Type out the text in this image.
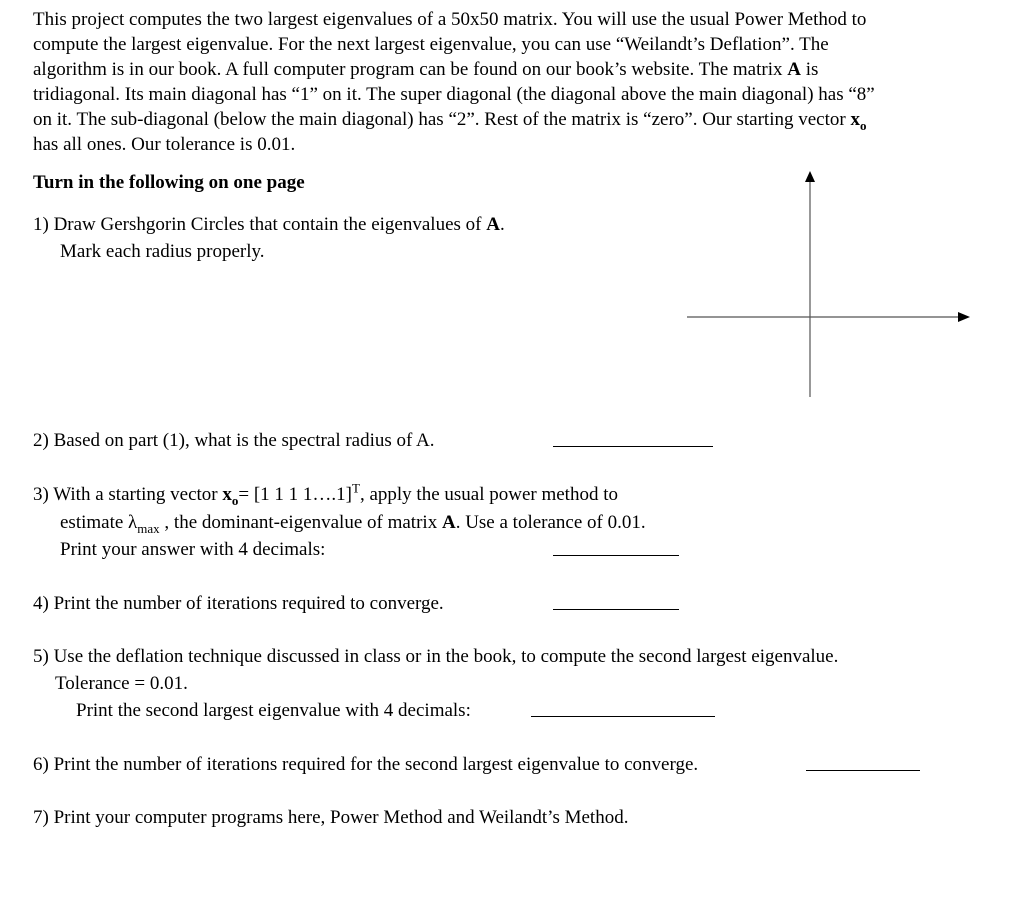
This project computes the two largest eigenvalues of a 50x50 matrix. You will use the usual Power Method to
compute the largest eigenvalue. For the next largest eigenvalue, you can use “Weilandt’s Deflation”. The
algorithm is in our book. A full computer program can be found on our book’s website. The matrix A is
tridiagonal. Its main diagonal has “1” on it. The super diagonal (the diagonal above the main diagonal) has “8”
on it. The sub-diagonal (below the main diagonal) has “2”. Rest of the matrix is “zero”. Our starting vector $x_o$
has all ones. Our tolerance is 0.01.
Turn in the following on one page
1) Draw Gershgorin Circles that contain the eigenvalues of A.
Mark each radius properly.
2) Based on part (1), what is the spectral radius of A.
3) With a starting vector $x_o= [1$ 1 1 1….1]$^T$, apply the usual power method to
estimate $\lambda_{max}$ , the dominant-eigenvalue of matrix A. Use a tolerance of 0.01.
Print your answer with 4 decimals:
4) Print the number of iterations required to converge.
5) Use the deflation technique discussed in class or in the book, to compute the second largest eigenvalue.
Tolerance = 0.01.
Print the second largest eigenvalue with 4 decimals:
6) Print the number of iterations required for the second largest eigenvalue to converge.
7) Print your computer programs here, Power Method and Weilandt’s Method.
